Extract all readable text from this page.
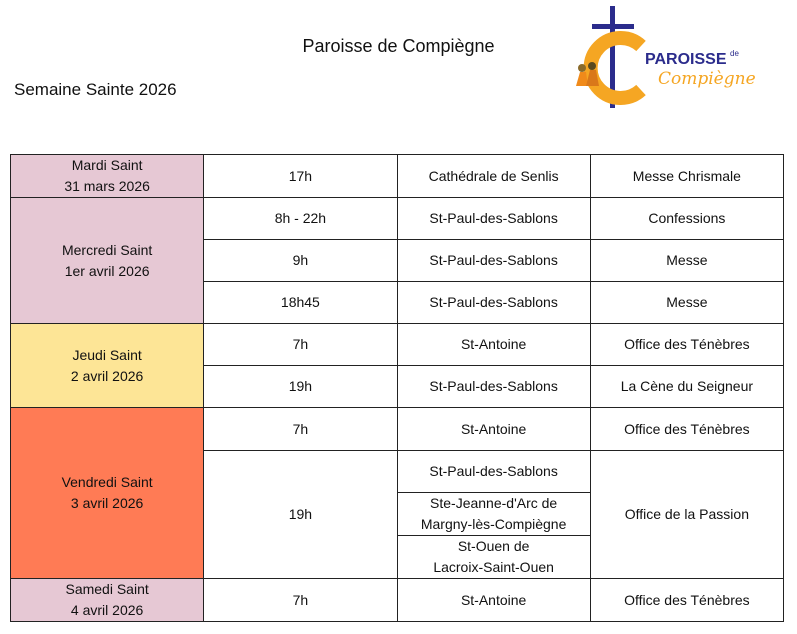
Paroisse de Compiègne
Semaine Sainte 2026
PAROISSE de
Compiègne
Mardi Saint
31 mars 2026	17h	Cathédrale de Senlis	Messe Chrismale

Mercredi Saint
1er avril 2026	8h - 22h	St-Paul-des-Sablons	Confessions
	9h	St-Paul-des-Sablons	Messe
	18h45	St-Paul-des-Sablons	Messe

Jeudi Saint
2 avril 2026	7h	St-Antoine	Office des Ténèbres
	19h	St-Paul-des-Sablons	La Cène du Seigneur

Vendredi Saint
3 avril 2026	7h	St-Antoine	Office des Ténèbres
	19h	St-Paul-des-Sablons	Office de la Passion

		Ste-Jeanne-d'Arc de
Margny-lès-Compiègne	

		St-Ouen de
Lacroix-Saint-Ouen	

Samedi Saint
4 avril 2026	7h	St-Antoine	Office des Ténèbres
